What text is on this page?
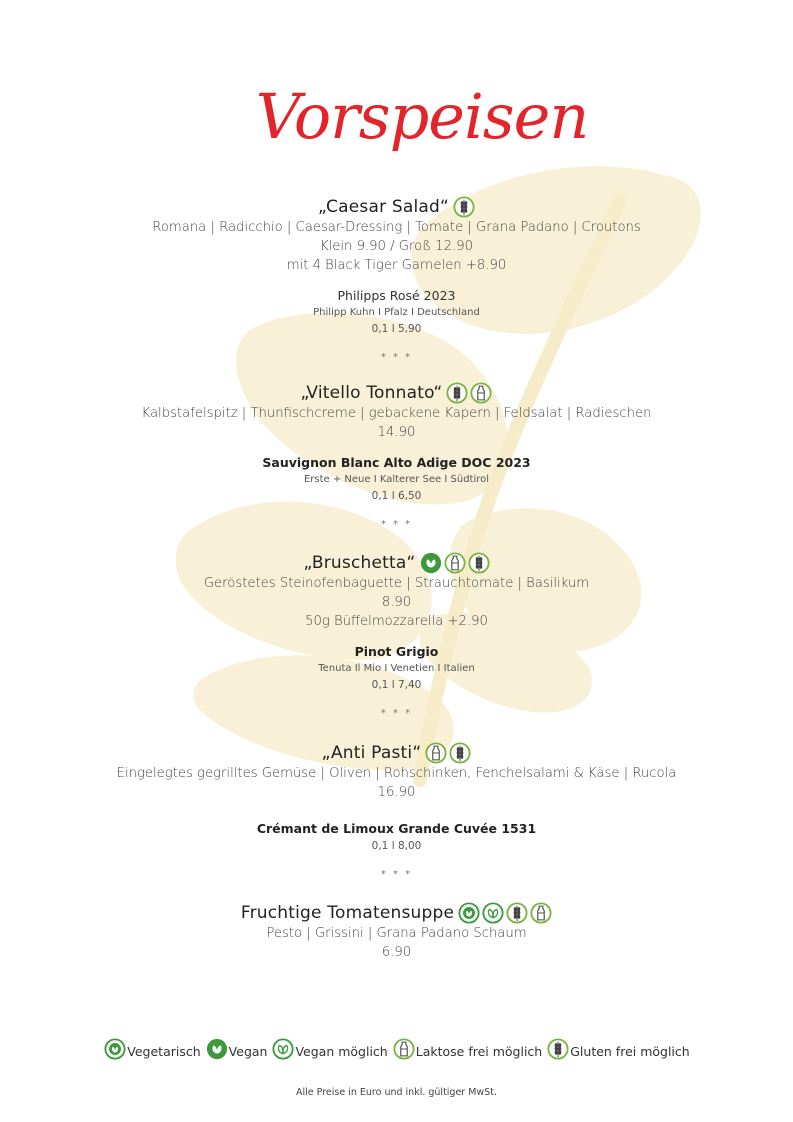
Vorspeisen
„Caesar Salad“
Romana | Radicchio | Caesar-Dressing | Tomate | Grana Padano | Croutons
Klein 9.90 / Groß 12.90
mit 4 Black Tiger Garnelen +8.90
Philipps Rosé 2023
Philipp Kuhn I Pfalz I Deutschland
0,1 l 5,90
* * *
„Vitello Tonnato“
Kalbstafelspitz | Thunfischcreme | gebackene Kapern | Feldsalat | Radieschen
14.90
Sauvignon Blanc Alto Adige DOC 2023
Erste + Neue I Kalterer See I Südtirol
0,1 l 6,50
* * *
„Bruschetta“
Geröstetes Steinofenbaguette | Strauchtomate | Basilikum
8.90
50g Büffelmozzarella +2.90
Pinot Grigio
Tenuta Il Mio I Venetien I Italien
0,1 l 7,40
* * *
„Anti Pasti“
Eingelegtes gegrilltes Gemüse | Oliven | Rohschinken, Fenchelsalami & Käse | Rucola
16.90
Crémant de Limoux Grande Cuvée 1531
0,1 l 8,00
* * *
Fruchtige Tomatensuppe
Pesto | Grissini | Grana Padano Schaum
6.90
Vegetarisch Vegan Vegan möglich Laktose frei möglich Gluten frei möglich
Alle Preise in Euro und inkl. gültiger MwSt.
